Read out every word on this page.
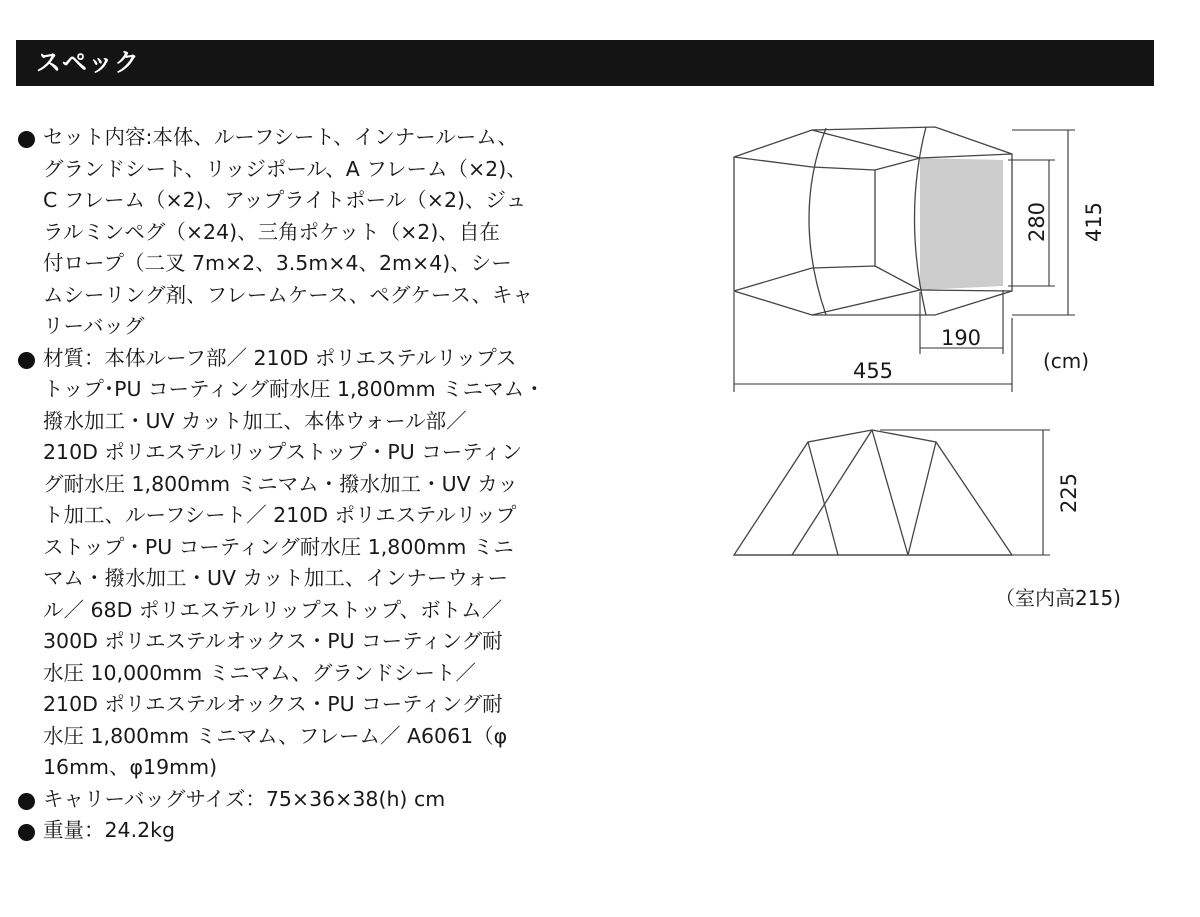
スペック
セット内容:本体、ルーフシート、インナールーム、
グランドシート、リッジポール、A フレーム（×2)、
C フレーム（×2)、アップライトポール（×2)、ジュ
ラルミンペグ（×24)、三角ポケット（×2)、自在
付ロープ（二叉 7m×2、3.5m×4、2m×4)、シー
ムシーリング剤、フレームケース、ペグケース、キャ
リーバッグ
材質：本体ルーフ部／ 210D ポリエステルリップス
トップ･PU コーティング耐水圧 1,800mm ミニマム・
撥水加工・UV カット加工、本体ウォール部／
210D ポリエステルリップストップ・PU コーティン
グ耐水圧 1,800mm ミニマム・撥水加工・UV カッ
ト加工、ルーフシート／ 210D ポリエステルリップ
ストップ・PU コーティング耐水圧 1,800mm ミニ
マム・撥水加工・UV カット加工、インナーウォー
ル／ 68D ポリエステルリップストップ、ボトム／
300D ポリエステルオックス・PU コーティング耐
水圧 10,000mm ミニマム、グランドシート／
210D ポリエステルオックス・PU コーティング耐
水圧 1,800mm ミニマム、フレーム／ A6061（φ
16mm、φ19mm)
キャリーバッグサイズ：75×36×38(h) cm
重量：24.2kg
415
280
190
455
225
(cm)
（室内高215)
